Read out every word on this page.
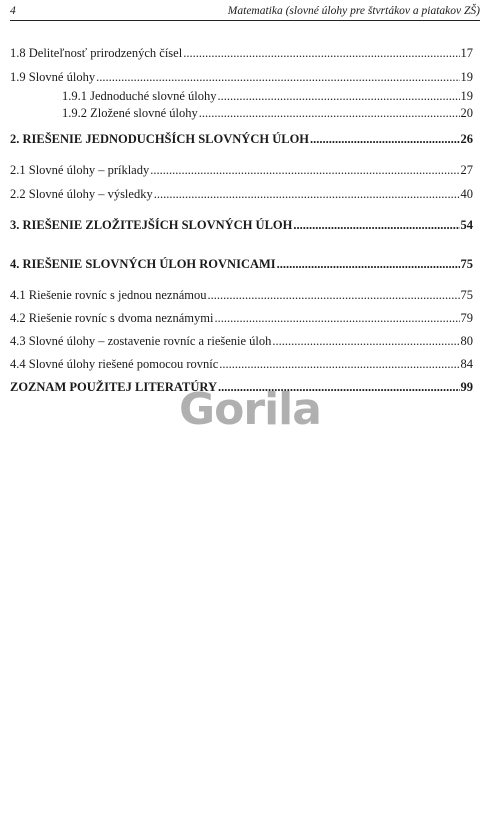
4	Matematika (slovné úlohy pre štvrtákov a piatakov ZŠ)
1.8 Deliteľnosť prirodzených čísel .....	17
1.9 Slovné úlohy .....	19
1.9.1 Jednoduché slovné úlohy .....	19
1.9.2 Zložené slovné úlohy .....	20
2. RIEŠENIE JEDNODUCHŠÍCH SLOVNÝCH ÚLOH .....	26
2.1 Slovné úlohy – príklady .....	27
2.2 Slovné úlohy – výsledky .....	40
3. RIEŠENIE ZLOŽITEJŠÍCH SLOVNÝCH ÚLOH .....	54
4. RIEŠENIE SLOVNÝCH ÚLOH ROVNICAMI .....	75
4.1 Riešenie rovníc s jednou neznámou .....	75
4.2 Riešenie rovníc s dvoma neznámymi .....	79
4.3 Slovné úlohy – zostavenie rovníc a riešenie úloh .....	80
4.4 Slovné úlohy riešené pomocou rovníc .....	84
ZOZNAM POUŽITEJ LITERATÚRY .....	99
Gorila
